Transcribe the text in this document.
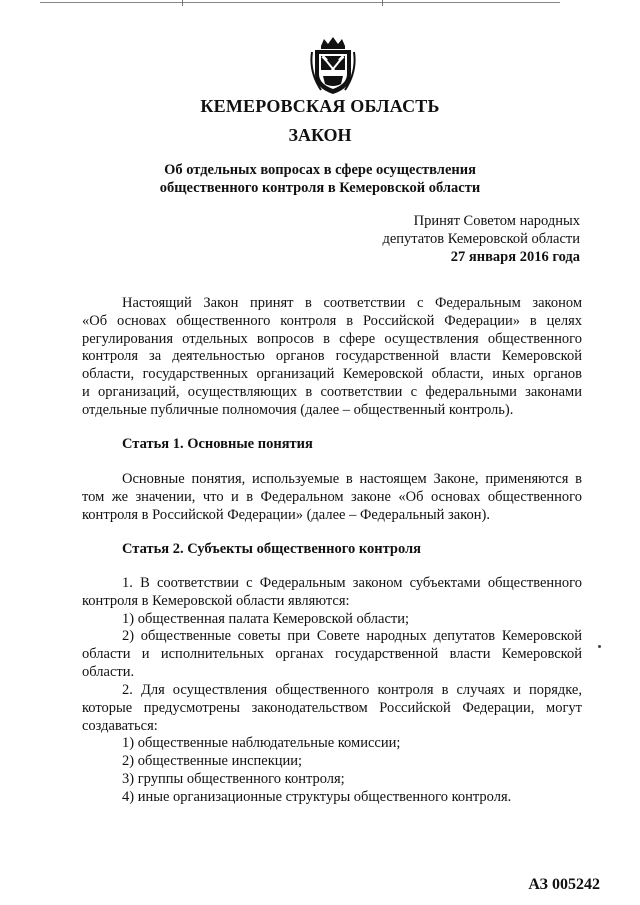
КЕМЕРОВСКАЯ ОБЛАСТЬ
ЗАКОН
Об отдельных вопросах в сфере осуществления
общественного контроля в Кемеровской области
Принят Советом народных
депутатов Кемеровской области
27 января 2016 года
Настоящий Закон принят в соответствии с Федеральным законом
«Об основах общественного контроля в Российской Федерации» в целях
регулирования отдельных вопросов в сфере осуществления общественного
контроля за деятельностью органов государственной власти Кемеровской
области, государственных организаций Кемеровской области, иных органов
и организаций, осуществляющих в соответствии с федеральными законами
отдельные публичные полномочия (далее – общественный контроль).
Статья 1. Основные понятия
Основные понятия, используемые в настоящем Законе, применяются в
том же значении, что и в Федеральном законе «Об основах общественного
контроля в Российской Федерации» (далее – Федеральный закон).
Статья 2. Субъекты общественного контроля
1. В соответствии с Федеральным законом субъектами общественного
контроля в Кемеровской области являются:
1) общественная палата Кемеровской области;
2) общественные советы при Совете народных депутатов Кемеровской
области и исполнительных органах государственной власти Кемеровской
области.
2. Для осуществления общественного контроля в случаях и порядке,
которые предусмотрены законодательством Российской Федерации, могут
создаваться:
1) общественные наблюдательные комиссии;
2) общественные инспекции;
3) группы общественного контроля;
4) иные организационные структуры общественного контроля.
АЗ 005242
